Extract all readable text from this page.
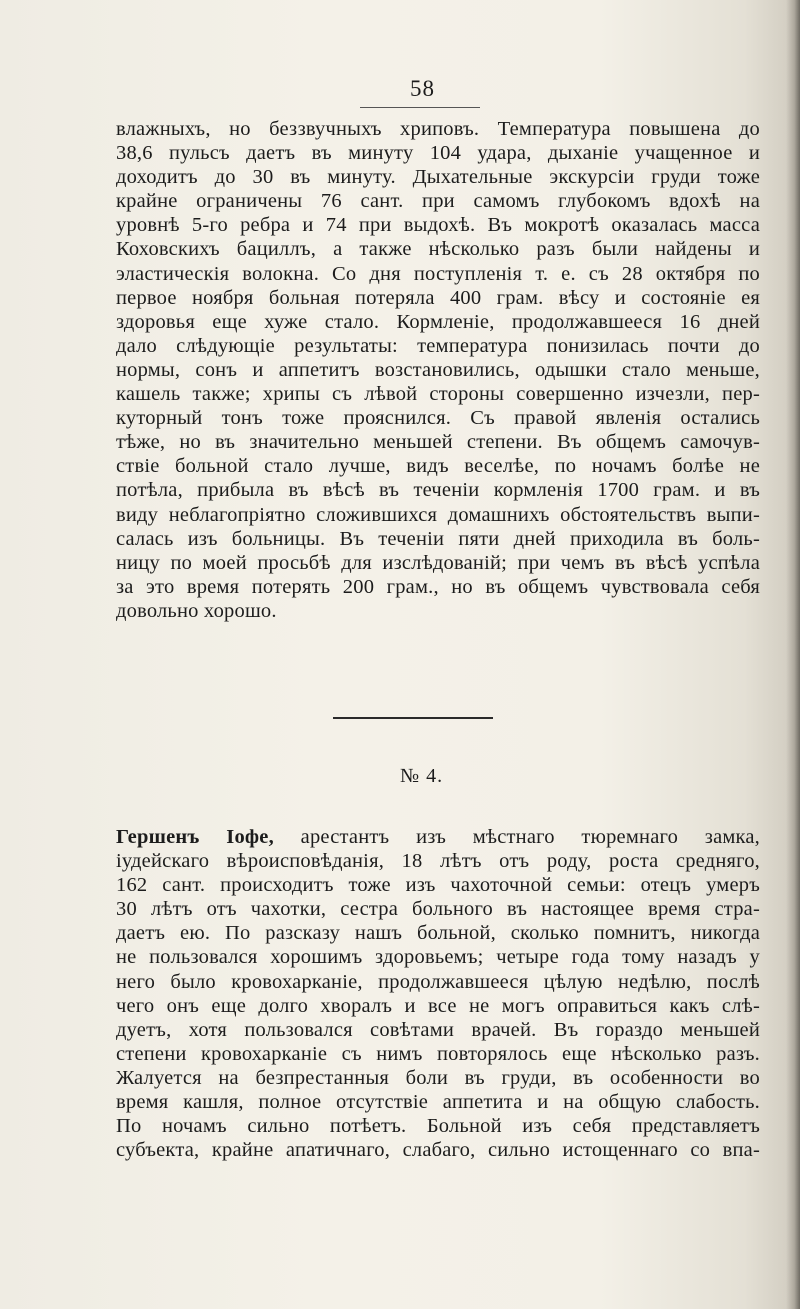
58
влажныхъ, но беззвучныхъ хриповъ. Температура повышена до
38,6 пульсъ даетъ въ минуту 104 удара, дыханіе учащенное и
доходитъ до 30 въ минуту. Дыхательные экскурсіи груди тоже
крайне ограничены 76 сант. при самомъ глубокомъ вдохѣ на
уровнѣ 5-го ребра и 74 при выдохѣ. Въ мокротѣ оказалась масса
Коховскихъ бациллъ, а также нѣсколько разъ были найдены и
эластическія волокна. Со дня поступленія т. е. съ 28 октября по
первое ноября больная потеряла 400 грам. вѣсу и состояніе ея
здоровья еще хуже стало. Кормленіе, продолжавшееся 16 дней
дало слѣдующіе результаты: температура понизилась почти до
нормы, сонъ и аппетитъ возстановились, одышки стало меньше,
кашель также; хрипы съ лѣвой стороны совершенно изчезли, пер-
куторный тонъ тоже прояснился. Съ правой явленія остались
тѣже, но въ значительно меньшей степени. Въ общемъ самочув-
ствіе больной стало лучше, видъ веселѣе, по ночамъ болѣе не
потѣла, прибыла въ вѣсѣ въ теченіи кормленія 1700 грам. и въ
виду неблагопріятно сложившихся домашнихъ обстоятельствъ выпи-
салась изъ больницы. Въ теченіи пяти дней приходила въ боль-
ницу по моей просьбѣ для изслѣдованій; при чемъ въ вѣсѣ успѣла
за это время потерять 200 грам., но въ общемъ чувствовала себя
довольно хорошо.
№ 4.
Гершенъ Іофе, арестантъ изъ мѣстнаго тюремнаго замка,
іудейскаго вѣроисповѣданія, 18 лѣтъ отъ роду, роста средняго,
162 сант. происходитъ тоже изъ чахоточной семьи: отецъ умеръ
30 лѣтъ отъ чахотки, сестра больного въ настоящее время стра-
даетъ ею. По разсказу нашъ больной, сколько помнитъ, никогда
не пользовался хорошимъ здоровьемъ; четыре года тому назадъ у
него было кровохарканіе, продолжавшееся цѣлую недѣлю, послѣ
чего онъ еще долго хворалъ и все не могъ оправиться какъ слѣ-
дуетъ, хотя пользовался совѣтами врачей. Въ гораздо меньшей
степени кровохарканіе съ нимъ повторялось еще нѣсколько разъ.
Жалуется на безпрестанныя боли въ груди, въ особенности во
время кашля, полное отсутствіе аппетита и на общую слабость.
По ночамъ сильно потѣетъ. Больной изъ себя представляетъ
субъекта, крайне апатичнаго, слабаго, сильно истощеннаго со впа-
